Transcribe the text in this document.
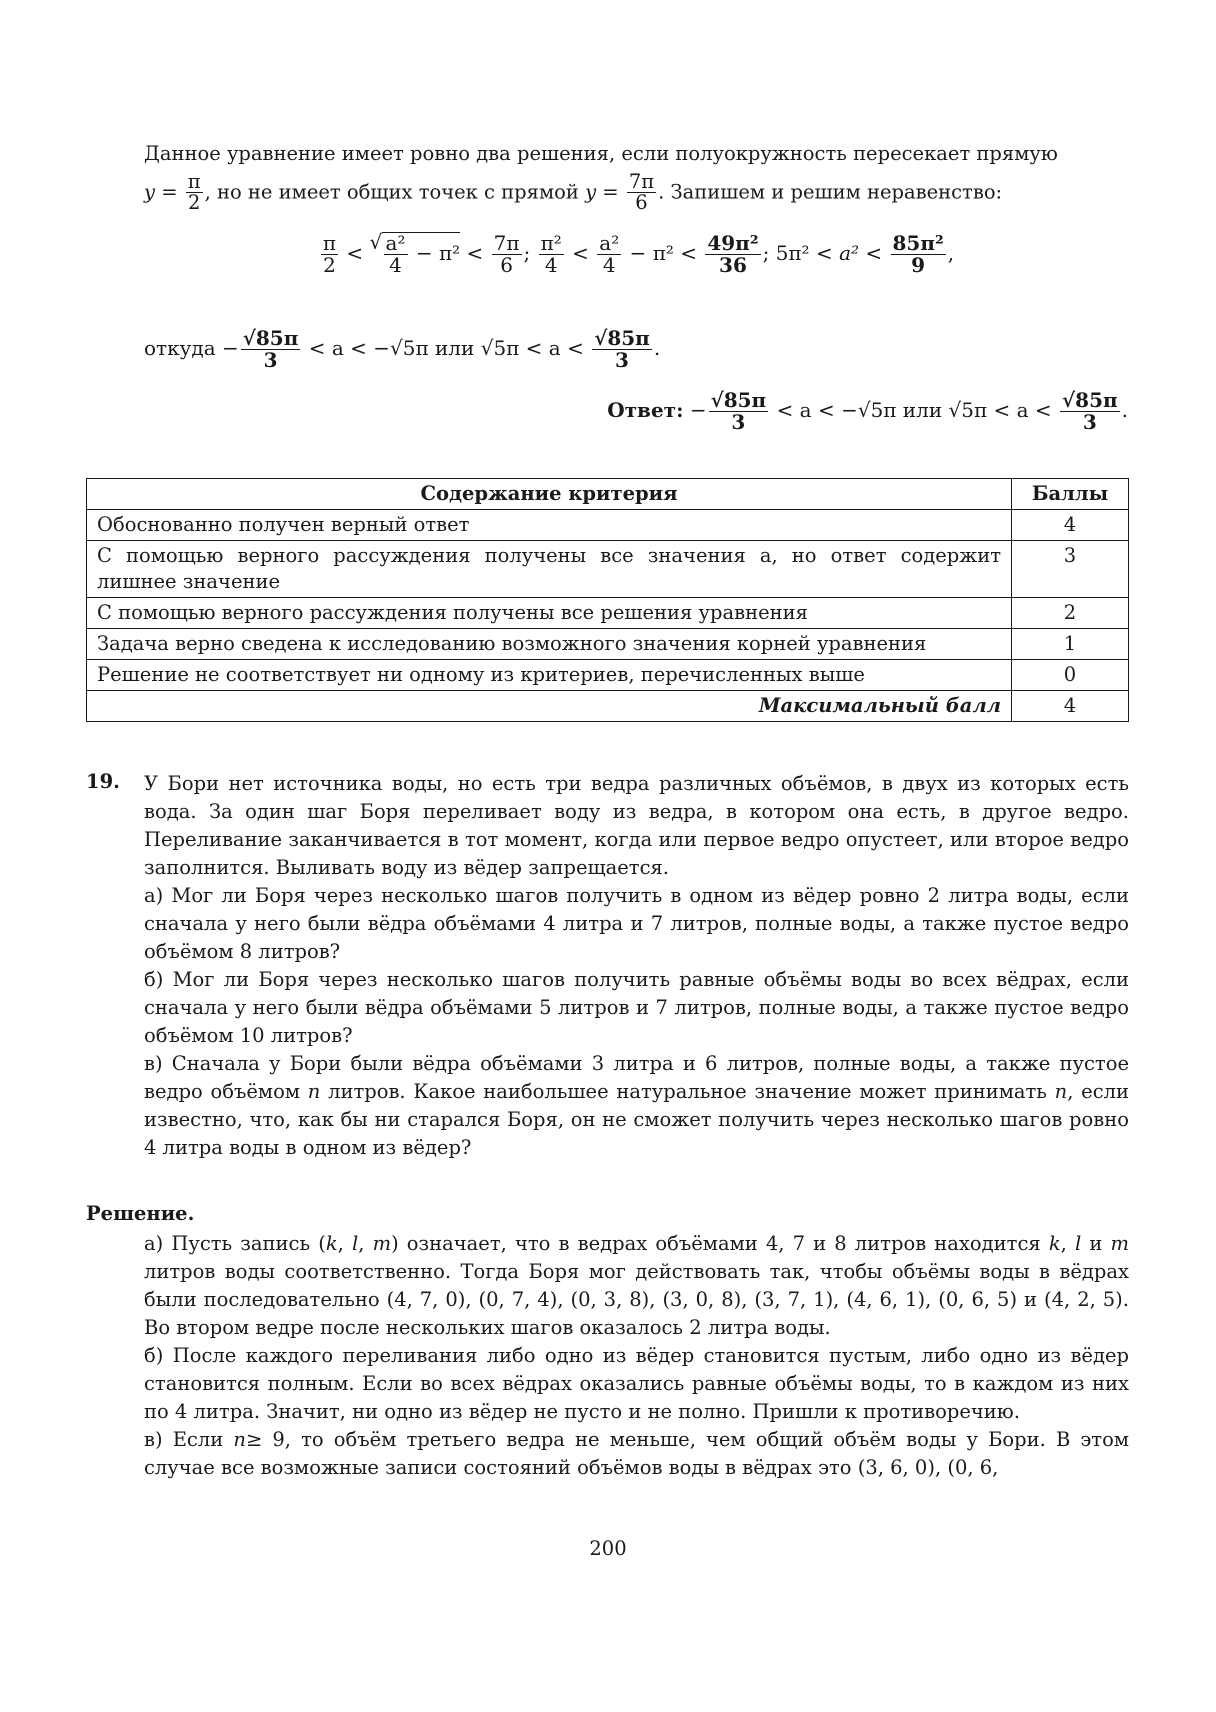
Данное уравнение имеет ровно два решения, если полуокружность пересекает прямую
$y = \frac{\pi}{2}$ , но не имеет общих точек с прямой $y = \frac{7\pi}{6}$ . Запишем и решим неравенство:
$\frac{\pi}{2}$ < √ $\frac{\text{a²}}{4} - \pi^2 < \frac{7\pi}{6}$ ; $\frac{\text{π²}}{4} < \frac{\text{a²}}{4} - \pi^2 < \frac{\text{49π²}}{36}$ ; $5\pi^2 < a^2 < \frac{\text{85π²}}{9}$ ,
откуда − $\frac{√85\pi}{3} < a < -√5\pi$ или $√5\pi < a < \frac{√85\pi}{3}$ .
Ответ: − $\frac{√85\pi}{3} < a < -√5\pi$ или $√5\pi < a < \frac{√85\pi}{3}$ .
Содержание критерия	Баллы
Обоснованно получен верный ответ	4
С помощью верного рассуждения получены все значения a, но ответ содержит лишнее значение	3
С помощью верного рассуждения получены все решения уравнения	2
Задача верно сведена к исследованию возможного значения корней уравнения	1
Решение не соответствует ни одному из критериев, перечисленных выше	0
Максимальный балл	4
19. У Бори нет источника воды, но есть три ведра различных объёмов, в двух из которых есть вода. За один шаг Боря переливает воду из ведра, в котором она есть, в другое ведро. Переливание заканчивается в тот момент, когда или первое ведро опустеет, или второе ведро заполнится. Выливать воду из вёдер запрещается.
а) Мог ли Боря через несколько шагов получить в одном из вёдер ровно 2 литра воды, если сначала у него были вёдра объёмами 4 литра и 7 литров, полные воды, а также пустое ведро объёмом 8 литров?
б) Мог ли Боря через несколько шагов получить равные объёмы воды во всех вёдрах, если сначала у него были вёдра объёмами 5 литров и 7 литров, полные воды, а также пустое ведро объёмом 10 литров?
в) Сначала у Бори были вёдра объёмами 3 литра и 6 литров, полные воды, а также пустое ведро объёмом n литров. Какое наибольшее натуральное значение может принимать n, если известно, что, как бы ни старался Боря, он не сможет получить через несколько шагов ровно 4 литра воды в одном из вёдер?
Решение.
а) Пусть запись (k, l, m) означает, что в ведрах объёмами 4, 7 и 8 литров находится k, l и m литров воды соответственно. Тогда Боря мог действовать так, чтобы объёмы воды в вёдрах были последовательно (4, 7, 0), (0, 7, 4), (0, 3, 8), (3, 0, 8), (3, 7, 1), (4, 6, 1), (0, 6, 5) и (4, 2, 5). Во втором ведре после нескольких шагов оказалось 2 литра воды.
б) После каждого переливания либо одно из вёдер становится пустым, либо одно из вёдер становится полным. Если во всех вёдрах оказались равные объёмы воды, то в каждом из них по 4 литра. Значит, ни одно из вёдер не пусто и не полно. Пришли к противоречию.
в) Если n≥ 9, то объём третьего ведра не меньше, чем общий объём воды у Бори. В этом случае все возможные записи состояний объёмов воды в вёдрах это (3, 6, 0), (0, 6,
200
